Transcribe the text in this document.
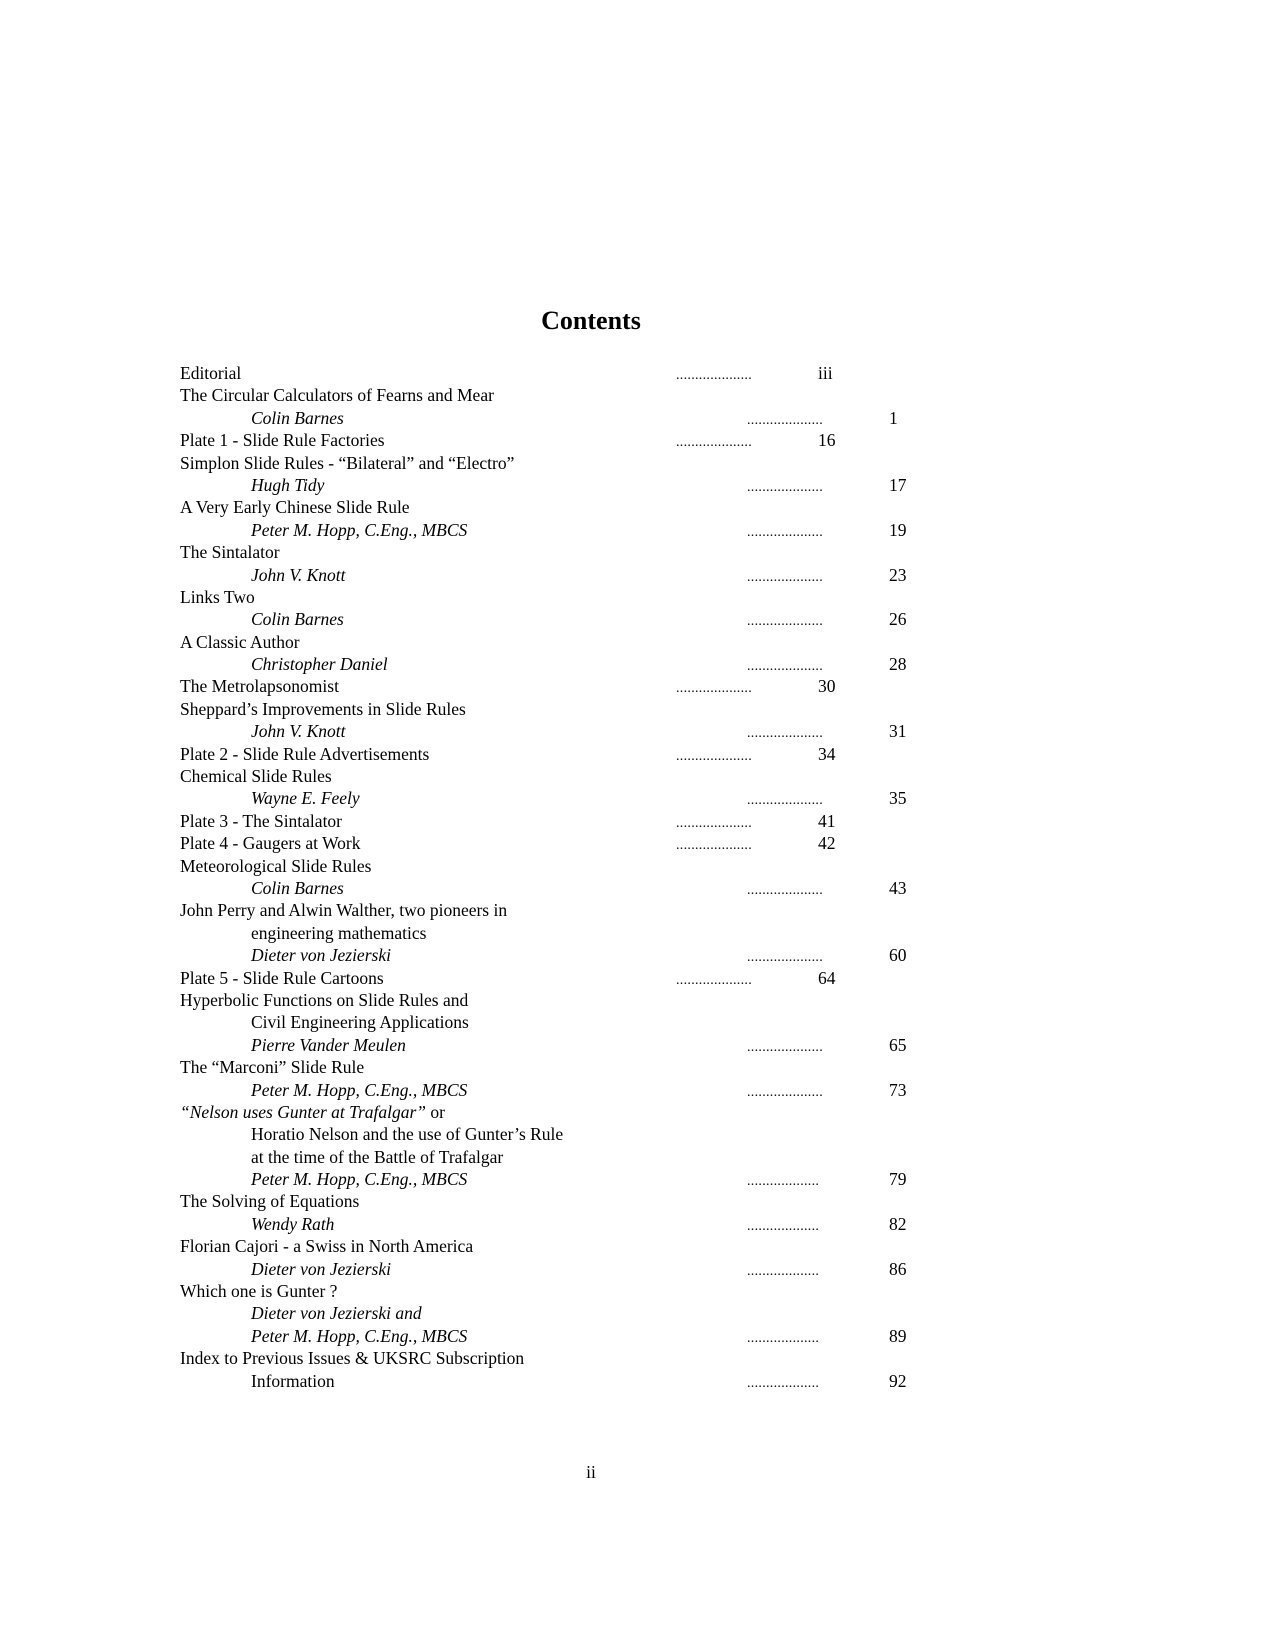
Contents
Editorial	....................	iii
The Circular Calculators of Fearns and Mear
Colin Barnes	....................	1
Plate 1 - Slide Rule Factories	....................	16
Simplon Slide Rules - “Bilateral” and “Electro”
Hugh Tidy	....................	17
A Very Early Chinese Slide Rule
Peter M. Hopp, C.Eng., MBCS	....................	19
The Sintalator
John V. Knott	....................	23
Links Two
Colin Barnes	....................	26
A Classic Author
Christopher Daniel	....................	28
The Metrolapsonomist	....................	30
Sheppard’s Improvements in Slide Rules
John V. Knott	....................	31
Plate 2 - Slide Rule Advertisements	....................	34
Chemical Slide Rules
Wayne E. Feely	....................	35
Plate 3 - The Sintalator	....................	41
Plate 4 - Gaugers at Work	....................	42
Meteorological Slide Rules
Colin Barnes	....................	43
John Perry and Alwin Walther, two pioneers in
engineering mathematics
Dieter von Jezierski	....................	60
Plate 5 - Slide Rule Cartoons	....................	64
Hyperbolic Functions on Slide Rules and
Civil Engineering Applications
Pierre Vander Meulen	....................	65
The “Marconi” Slide Rule
Peter M. Hopp, C.Eng., MBCS	....................	73
“Nelson uses Gunter at Trafalgar” or
Horatio Nelson and the use of Gunter’s Rule
at the time of the Battle of Trafalgar
Peter M. Hopp, C.Eng., MBCS	...................	79
The Solving of Equations
Wendy Rath	...................	82
Florian Cajori - a Swiss in North America
Dieter von Jezierski	...................	86
Which one is Gunter ?
Dieter von Jezierski and
Peter M. Hopp, C.Eng., MBCS	...................	89
Index to Previous Issues & UKSRC Subscription
Information	...................	92
ii
